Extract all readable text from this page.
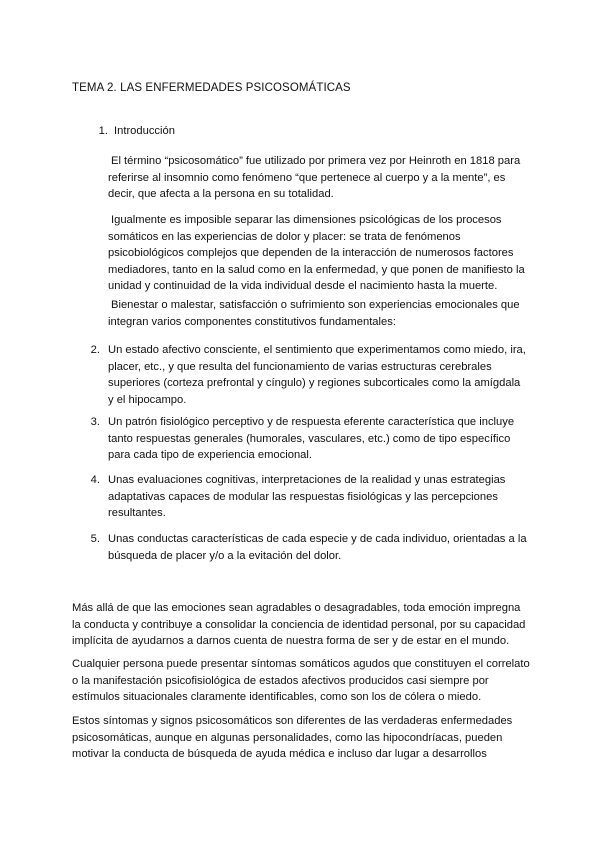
TEMA 2. LAS ENFERMEDADES PSICOSOMÁTICAS
1. Introducción

El término “psicosomático” fue utilizado por primera vez por Heinroth en 1818 para referirse al insomnio como fenómeno “que pertenece al cuerpo y a la mente”, es decir, que afecta a la persona en su totalidad.

Igualmente es imposible separar las dimensiones psicológicas de los procesos somáticos en las experiencias de dolor y placer: se trata de fenómenos psicobiológicos complejos que dependen de la interacción de numerosos factores mediadores, tanto en la salud como en la enfermedad, y que ponen de manifiesto la unidad y continuidad de la vida individual desde el nacimiento hasta la muerte.

Bienestar o malestar, satisfacción o sufrimiento son experiencias emocionales que integran varios componentes constitutivos fundamentales:

2. Un estado afectivo consciente, el sentimiento que experimentamos como miedo, ira, placer, etc., y que resulta del funcionamiento de varias estructuras cerebrales superiores (corteza prefrontal y cíngulo) y regiones subcorticales como la amígdala y el hipocampo.

3. Un patrón fisiológico perceptivo y de respuesta eferente característica que incluye tanto respuestas generales (humorales, vasculares, etc.) como de tipo específico para cada tipo de experiencia emocional.

4. Unas evaluaciones cognitivas, interpretaciones de la realidad y unas estrategias adaptativas capaces de modular las respuestas fisiológicas y las percepciones resultantes.

5. Unas conductas características de cada especie y de cada individuo, orientadas a la búsqueda de placer y/o a la evitación del dolor.

Más allá de que las emociones sean agradables o desagradables, toda emoción impregna la conducta y contribuye a consolidar la conciencia de identidad personal, por su capacidad implícita de ayudarnos a darnos cuenta de nuestra forma de ser y de estar en el mundo.

Cualquier persona puede presentar síntomas somáticos agudos que constituyen el correlato o la manifestación psicofisiológica de estados afectivos producidos casi siempre por estímulos situacionales claramente identificables, como son los de cólera o miedo.

Estos síntomas y signos psicosomáticos son diferentes de las verdaderas enfermedades psicosomáticas, aunque en algunas personalidades, como las hipocondríacas, pueden motivar la conducta de búsqueda de ayuda médica e incluso dar lugar a desarrollos
